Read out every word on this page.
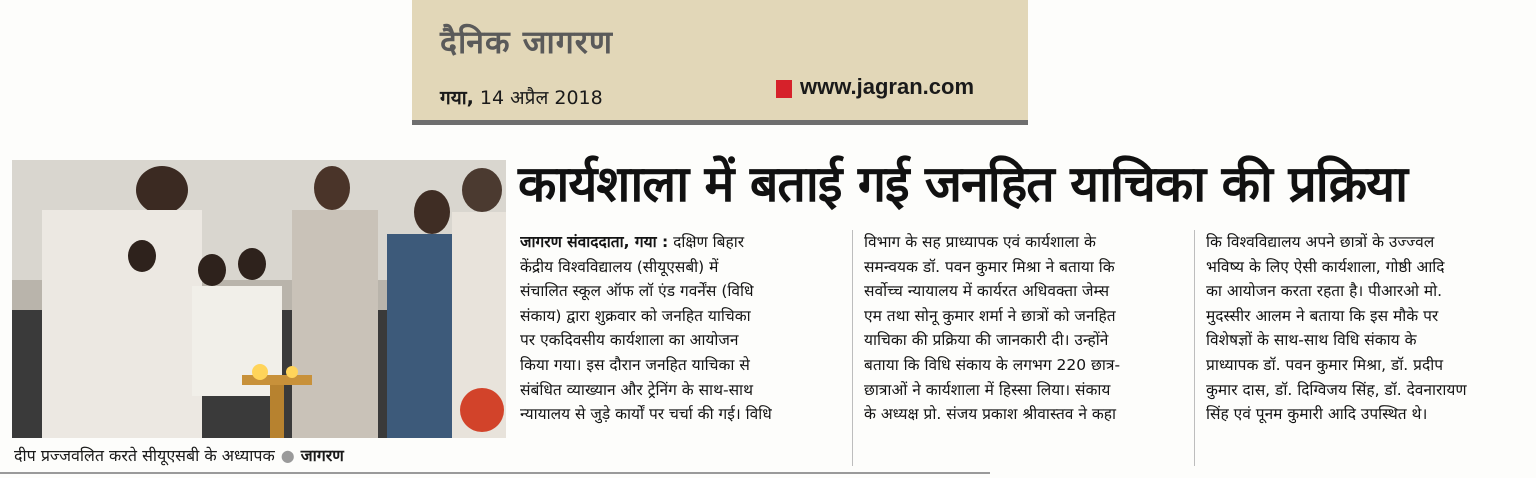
दैनिक जागरण
गया, 14 अप्रैल 2018	www.jagran.com
दीप प्रज्जवलित करते सीयूएसबी के अध्यापक ● जागरण
कार्यशाला में बताई गई जनहित याचिका की प्रक्रिया
जागरण संवाददाता, गया : दक्षिण बिहार
केंद्रीय विश्वविद्यालय (सीयूएसबी) में
संचालित स्कूल ऑफ लॉ एंड गवर्नेंस (विधि
संकाय) द्वारा शुक्रवार को जनहित याचिका
पर एकदिवसीय कार्यशाला का आयोजन
किया गया। इस दौरान जनहित याचिका से
संबंधित व्याख्यान और ट्रेनिंग के साथ-साथ
न्यायालय से जुड़े कार्यों पर चर्चा की गई। विधि
विभाग के सह प्राध्यापक एवं कार्यशाला के
समन्वयक डॉ. पवन कुमार मिश्रा ने बताया कि
सर्वोच्च न्यायालय में कार्यरत अधिवक्ता जेम्स
एम तथा सोनू कुमार शर्मा ने छात्रों को जनहित
याचिका की प्रक्रिया की जानकारी दी। उन्होंने
बताया कि विधि संकाय के लगभग 220 छात्र-
छात्राओं ने कार्यशाला में हिस्सा लिया। संकाय
के अध्यक्ष प्रो. संजय प्रकाश श्रीवास्तव ने कहा
कि विश्वविद्यालय अपने छात्रों के उज्ज्वल
भविष्य के लिए ऐसी कार्यशाला, गोष्ठी आदि
का आयोजन करता रहता है। पीआरओ मो.
मुदस्सीर आलम ने बताया कि इस मौके पर
विशेषज्ञों के साथ-साथ विधि संकाय के
प्राध्यापक डॉ. पवन कुमार मिश्रा, डॉ. प्रदीप
कुमार दास, डॉ. दिग्विजय सिंह, डॉ. देवनारायण
सिंह एवं पूनम कुमारी आदि उपस्थित थे।
